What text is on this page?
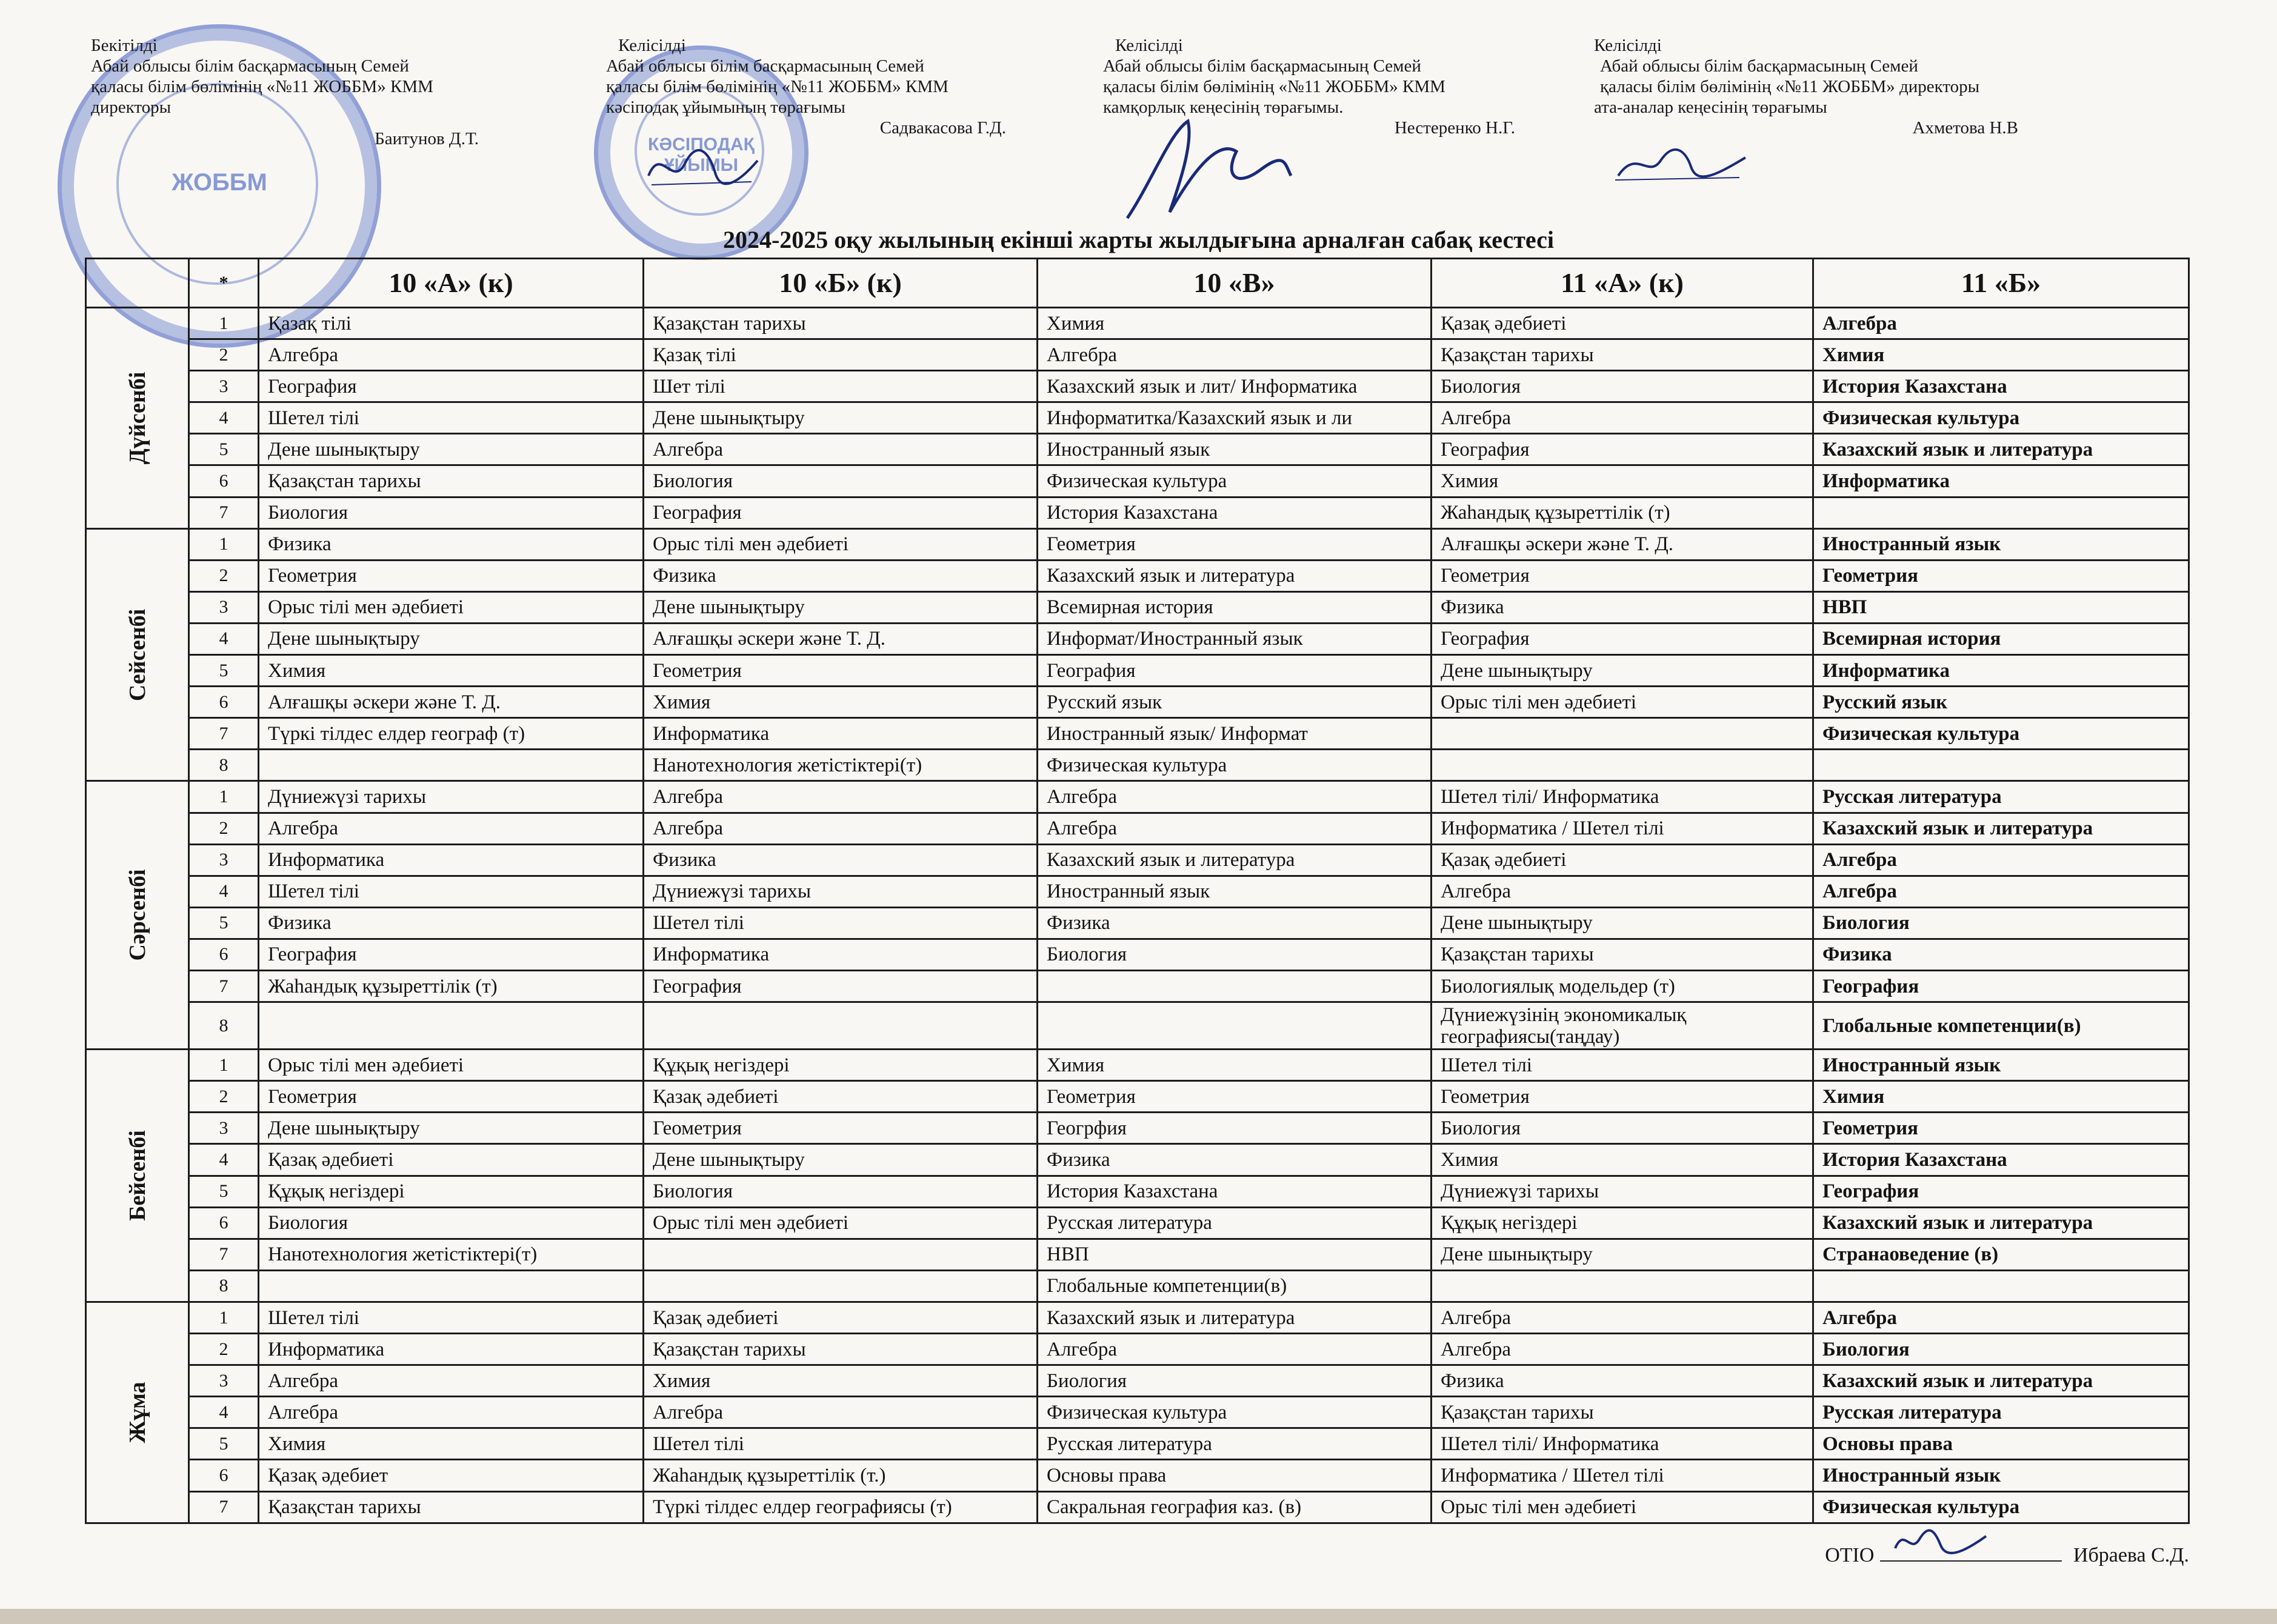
ЖОББМ
КӘСІПОДАҚ ҰЙЫМЫ
Бекітілді
Абай облысы білім басқармасының Семей
қаласы білім бөлімінің «№11 ЖОББМ» КММ
директоры
Баитунов Д.Т.
Келісілді
Абай облысы білім басқармасының Семей
қаласы білім бөлімінің «№11 ЖОББМ» КММ
кәсіподақ ұйымының төрағымы
Садвакасова Г.Д.
Келісілді
Абай облысы білім басқармасының Семей
қаласы білім бөлімінің «№11 ЖОББМ» КММ
камқорлық кеңесінің төрағымы.
Нестеренко Н.Г.
Келісілді
Абай облысы білім басқармасының Семей
қаласы білім бөлімінің «№11 ЖОББМ» директоры
ата-аналар кеңесінің төрағымы
Ахметова Н.В
2024-2025 оқу жылының екінші жарты жылдығына арналған сабақ кестесі
	*	10 «А» (к)	10 «Б» (к)	10 «В»	11 «А» (к)	11 «Б»

Дүйсенбі	1	Қазақ тілі	Қазақстан тарихы	Химия	Қазақ әдебиеті	Алгебра
	2	Алгебра	Қазақ тілі	Алгебра	Қазақстан тарихы	Химия
	3	География	Шет тілі	Казахский язык и лит/ Информатика	Биология	История Казахстана
	4	Шетел тілі	Дене шынықтыру	Информатитка/Казахский язык и ли	Алгебра	Физическая культура
	5	Дене шынықтыру	Алгебра	Иностранный язык	География	Казахский язык и литература
	6	Қазақстан тарихы	Биология	Физическая культура	Химия	Информатика
	7	Биология	География	История Казахстана	Жаһандық құзыреттілік (т)	

Сейсенбі	1	Физика	Орыс тілі мен әдебиеті	Геометрия	Алғашқы әскери және Т. Д.	Иностранный язык
	2	Геометрия	Физика	Казахский язык и литература	Геометрия	Геометрия
	3	Орыс тілі мен әдебиеті	Дене шынықтыру	Всемирная история	Физика	НВП
	4	Дене шынықтыру	Алғашқы әскери және Т. Д.	Информат/Иностранный язык	География	Всемирная история
	5	Химия	Геометрия	География	Дене шынықтыру	Информатика
	6	Алғашқы әскери және Т. Д.	Химия	Русский язык	Орыс тілі мен әдебиеті	Русский язык
	7	Түркі тілдес елдер географ (т)	Информатика	Иностранный язык/ Информат		Физическая культура
	8		Нанотехнология жетістіктері(т)	Физическая культура		

Сәрсенбі	1	Дүниежүзі тарихы	Алгебра	Алгебра	Шетел тілі/ Информатика	Русская литература
	2	Алгебра	Алгебра	Алгебра	Информатика / Шетел тілі	Казахский язык и литература
	3	Информатика	Физика	Казахский язык и литература	Қазақ әдебиеті	Алгебра
	4	Шетел тілі	Дүниежүзі тарихы	Иностранный язык	Алгебра	Алгебра
	5	Физика	Шетел тілі	Физика	Дене шынықтыру	Биология
	6	География	Информатика	Биология	Қазақстан тарихы	Физика
	7	Жаһандық құзыреттілік (т)	География		Биологиялық модельдер (т)	География
	8				Дүниежүзінің экономикалық географиясы(таңдау)	Глобальные компетенции(в)

Бейсенбі	1	Орыс тілі мен әдебиеті	Құқық негіздері	Химия	Шетел тілі	Иностранный язык
	2	Геометрия	Қазақ әдебиеті	Геометрия	Геометрия	Химия
	3	Дене шынықтыру	Геометрия	Геогрфия	Биология	Геометрия
	4	Қазақ әдебиеті	Дене шынықтыру	Физика	Химия	История Казахстана
	5	Құқық негіздері	Биология	История Казахстана	Дүниежүзі тарихы	География
	6	Биология	Орыс тілі мен әдебиеті	Русская литература	Құқық негіздері	Казахский язык и литература
	7	Нанотехнология жетістіктері(т)		НВП	Дене шынықтыру	Странаоведение (в)
	8			Глобальные компетенции(в)		

Жұма	1	Шетел тілі	Қазақ әдебиеті	Казахский язык и литература	Алгебра	Алгебра
	2	Информатика	Қазақстан тарихы	Алгебра	Алгебра	Биология
	3	Алгебра	Химия	Биология	Физика	Казахский язык и литература
	4	Алгебра	Алгебра	Физическая культура	Қазақстан тарихы	Русская литература
	5	Химия	Шетел тілі	Русская литература	Шетел тілі/ Информатика	Основы права
	6	Қазақ әдебиет	Жаһандық құзыреттілік (т.)	Основы права	Информатика / Шетел тілі	Иностранный язык
	7	Қазақстан тарихы	Түркі тілдес елдер географиясы (т)	Сакральная география каз. (в)	Орыс тілі мен әдебиеті	Физическая культура
ОТІО	Ибраева С.Д.
